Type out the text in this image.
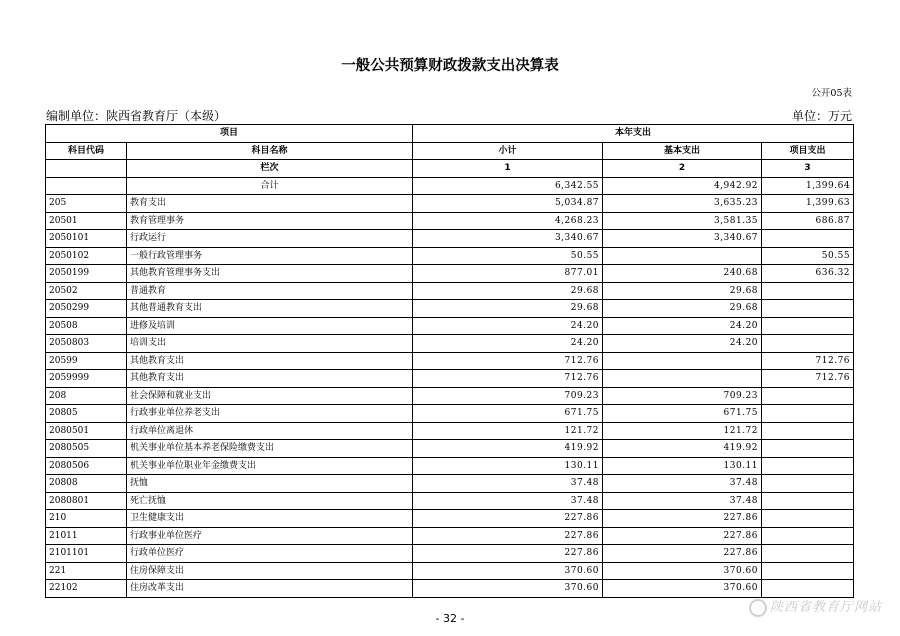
一般公共预算财政拨款支出决算表
公开05表
编制单位：陕西省教育厅（本级）	单位：万元
项目		本年支出		
科目代码	科目名称	小计	基本支出	项目支出
	栏次	1	2	3
	合计	6,342.55	4,942.92	1,399.64
205	教育支出	5,034.87	3,635.23	1,399.63
20501	教育管理事务	4,268.23	3,581.35	686.87
2050101	行政运行	3,340.67	3,340.67	
2050102	一般行政管理事务	50.55		50.55
2050199	其他教育管理事务支出	877.01	240.68	636.32
20502	普通教育	29.68	29.68	
2050299	其他普通教育支出	29.68	29.68	
20508	进修及培训	24.20	24.20	
2050803	培训支出	24.20	24.20	
20599	其他教育支出	712.76		712.76
2059999	其他教育支出	712.76		712.76
208	社会保障和就业支出	709.23	709.23	
20805	行政事业单位养老支出	671.75	671.75	
2080501	行政单位离退休	121.72	121.72	
2080505	机关事业单位基本养老保险缴费支出	419.92	419.92	
2080506	机关事业单位职业年金缴费支出	130.11	130.11	
20808	抚恤	37.48	37.48	
2080801	死亡抚恤	37.48	37.48	
210	卫生健康支出	227.86	227.86	
21011	行政事业单位医疗	227.86	227.86	
2101101	行政单位医疗	227.86	227.86	
221	住房保障支出	370.60	370.60	
22102	住房改革支出	370.60	370.60	
- 32 -
陕西省教育厅网站
